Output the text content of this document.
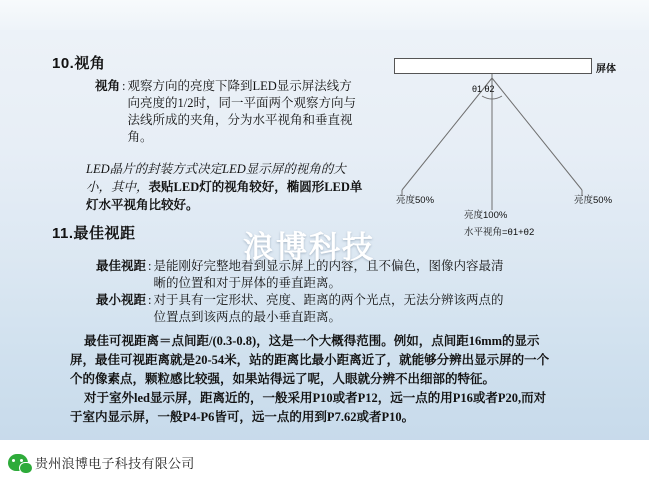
10.视角
视角 : 观察方向的亮度下降到LED显示屏法线方向亮度的1/2时，同一平面两个观察方向与法线所成的夹角，分为水平视角和垂直视角。
LED晶片的封装方式决定LED显示屏的视角的大小，其中，表贴LED灯的视角较好，椭圆形LED单灯水平视角比较好。
11.最佳视距
最佳视距 : 是能刚好完整地看到显示屏上的内容，且不偏色，图像内容最清晰的位置和对于屏体的垂直距离。
最小视距 : 对于具有一定形状、亮度、距离的两个光点，无法分辨该两点的位置点到该两点的最小垂直距离。

最佳可视距离＝点间距/(0.3-0.8)，这是一个大概得范围。例如，点间距16mm的显示

屏，最佳可视距离就是20-54米，站的距离比最小距离近了，就能够分辨出显示屏的一个

个的像素点，颗粒感比较强，如果站得远了呢，人眼就分辨不出细部的特征。

对于室外led显示屏，距离近的，一般采用P10或者P12，远一点的用P16或者P20,而对

于室内显示屏，一般P4-P6皆可，远一点的用到P7.62或者P10。

浪博科技
屏体
θ1 θ2
亮度50%
亮度100%
亮度50%
水平视角=θ1+θ2
贵州浪博电子科技有限公司
